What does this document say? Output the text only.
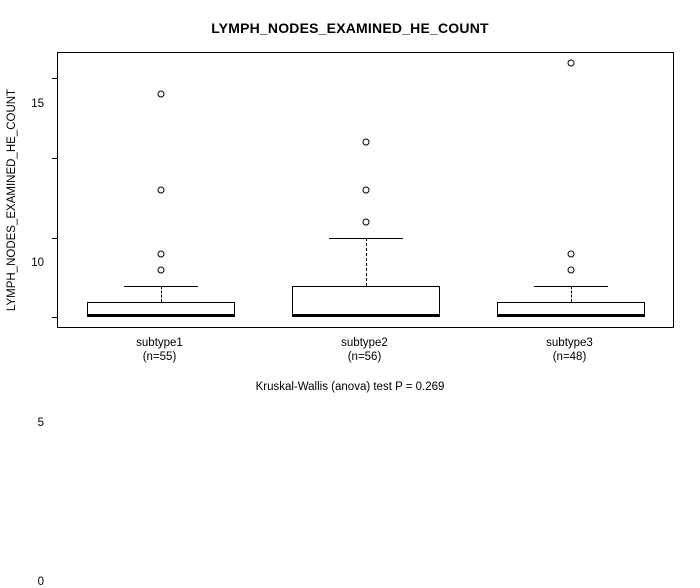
LYMPH_NODES_EXAMINED_HE_COUNT
LYMPH_NODES_EXAMINED_HE_COUNT
0
5
10
15
subtype1
(n=55)
subtype2
(n=56)
subtype3
(n=48)
Kruskal-Wallis (anova) test P = 0.269
